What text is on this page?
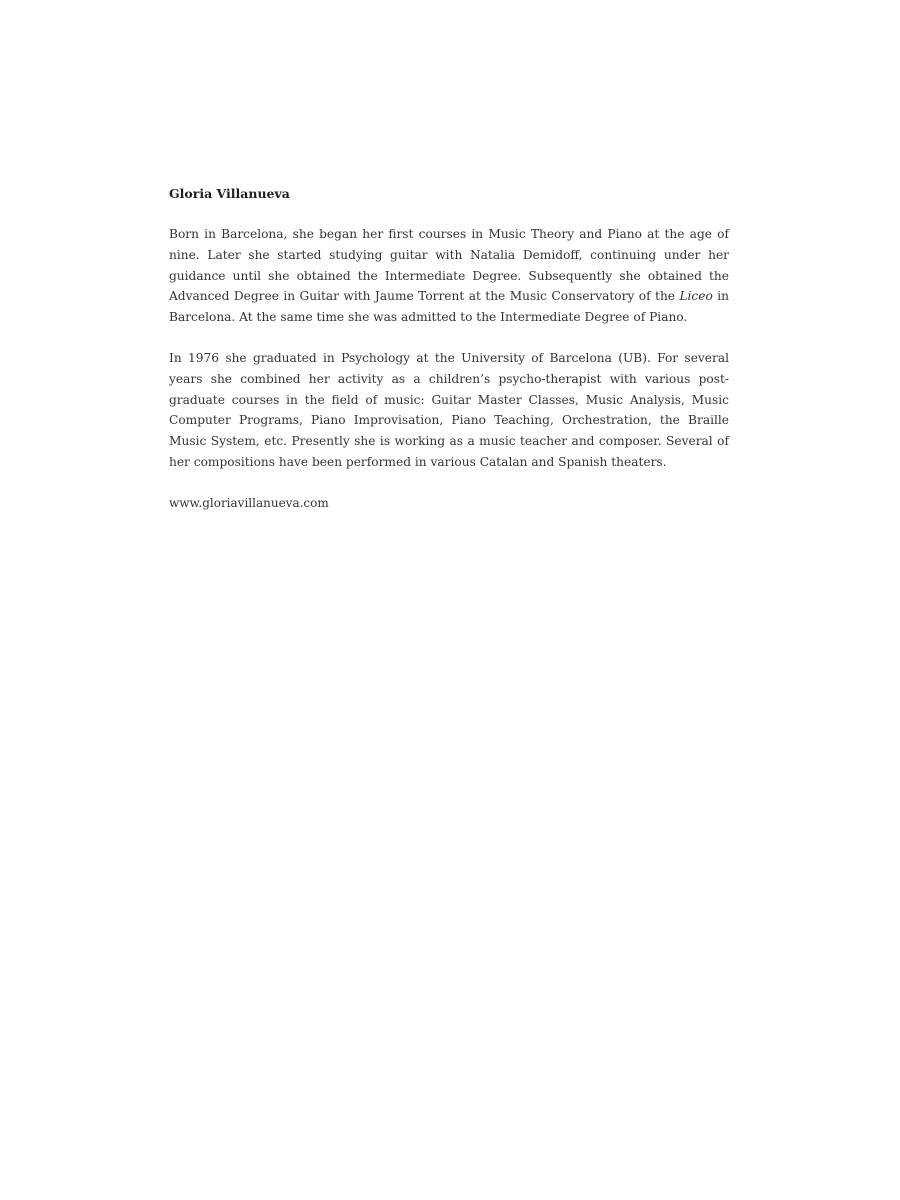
Gloria Villanueva

Born in Barcelona, she began her first courses in Music Theory and Piano at the age of nine. Later she started studying guitar with Natalia Demidoff, continuing under her guidance until she obtained the Intermediate Degree. Subsequently she obtained the Advanced Degree in Guitar with Jaume Torrent at the Music Conservatory of the Liceo in Barcelona. At the same time she was admitted to the Intermediate Degree of Piano.

In 1976 she graduated in Psychology at the University of Barcelona (UB). For several years she combined her activity as a children’s psycho-therapist with various post-graduate courses in the field of music: Guitar Master Classes, Music Analysis, Music Computer Programs, Piano Improvisation, Piano Teaching, Orchestration, the Braille Music System, etc. Presently she is working as a music teacher and composer. Several of her compositions have been performed in various Catalan and Spanish theaters.

www.gloriavillanueva.com
